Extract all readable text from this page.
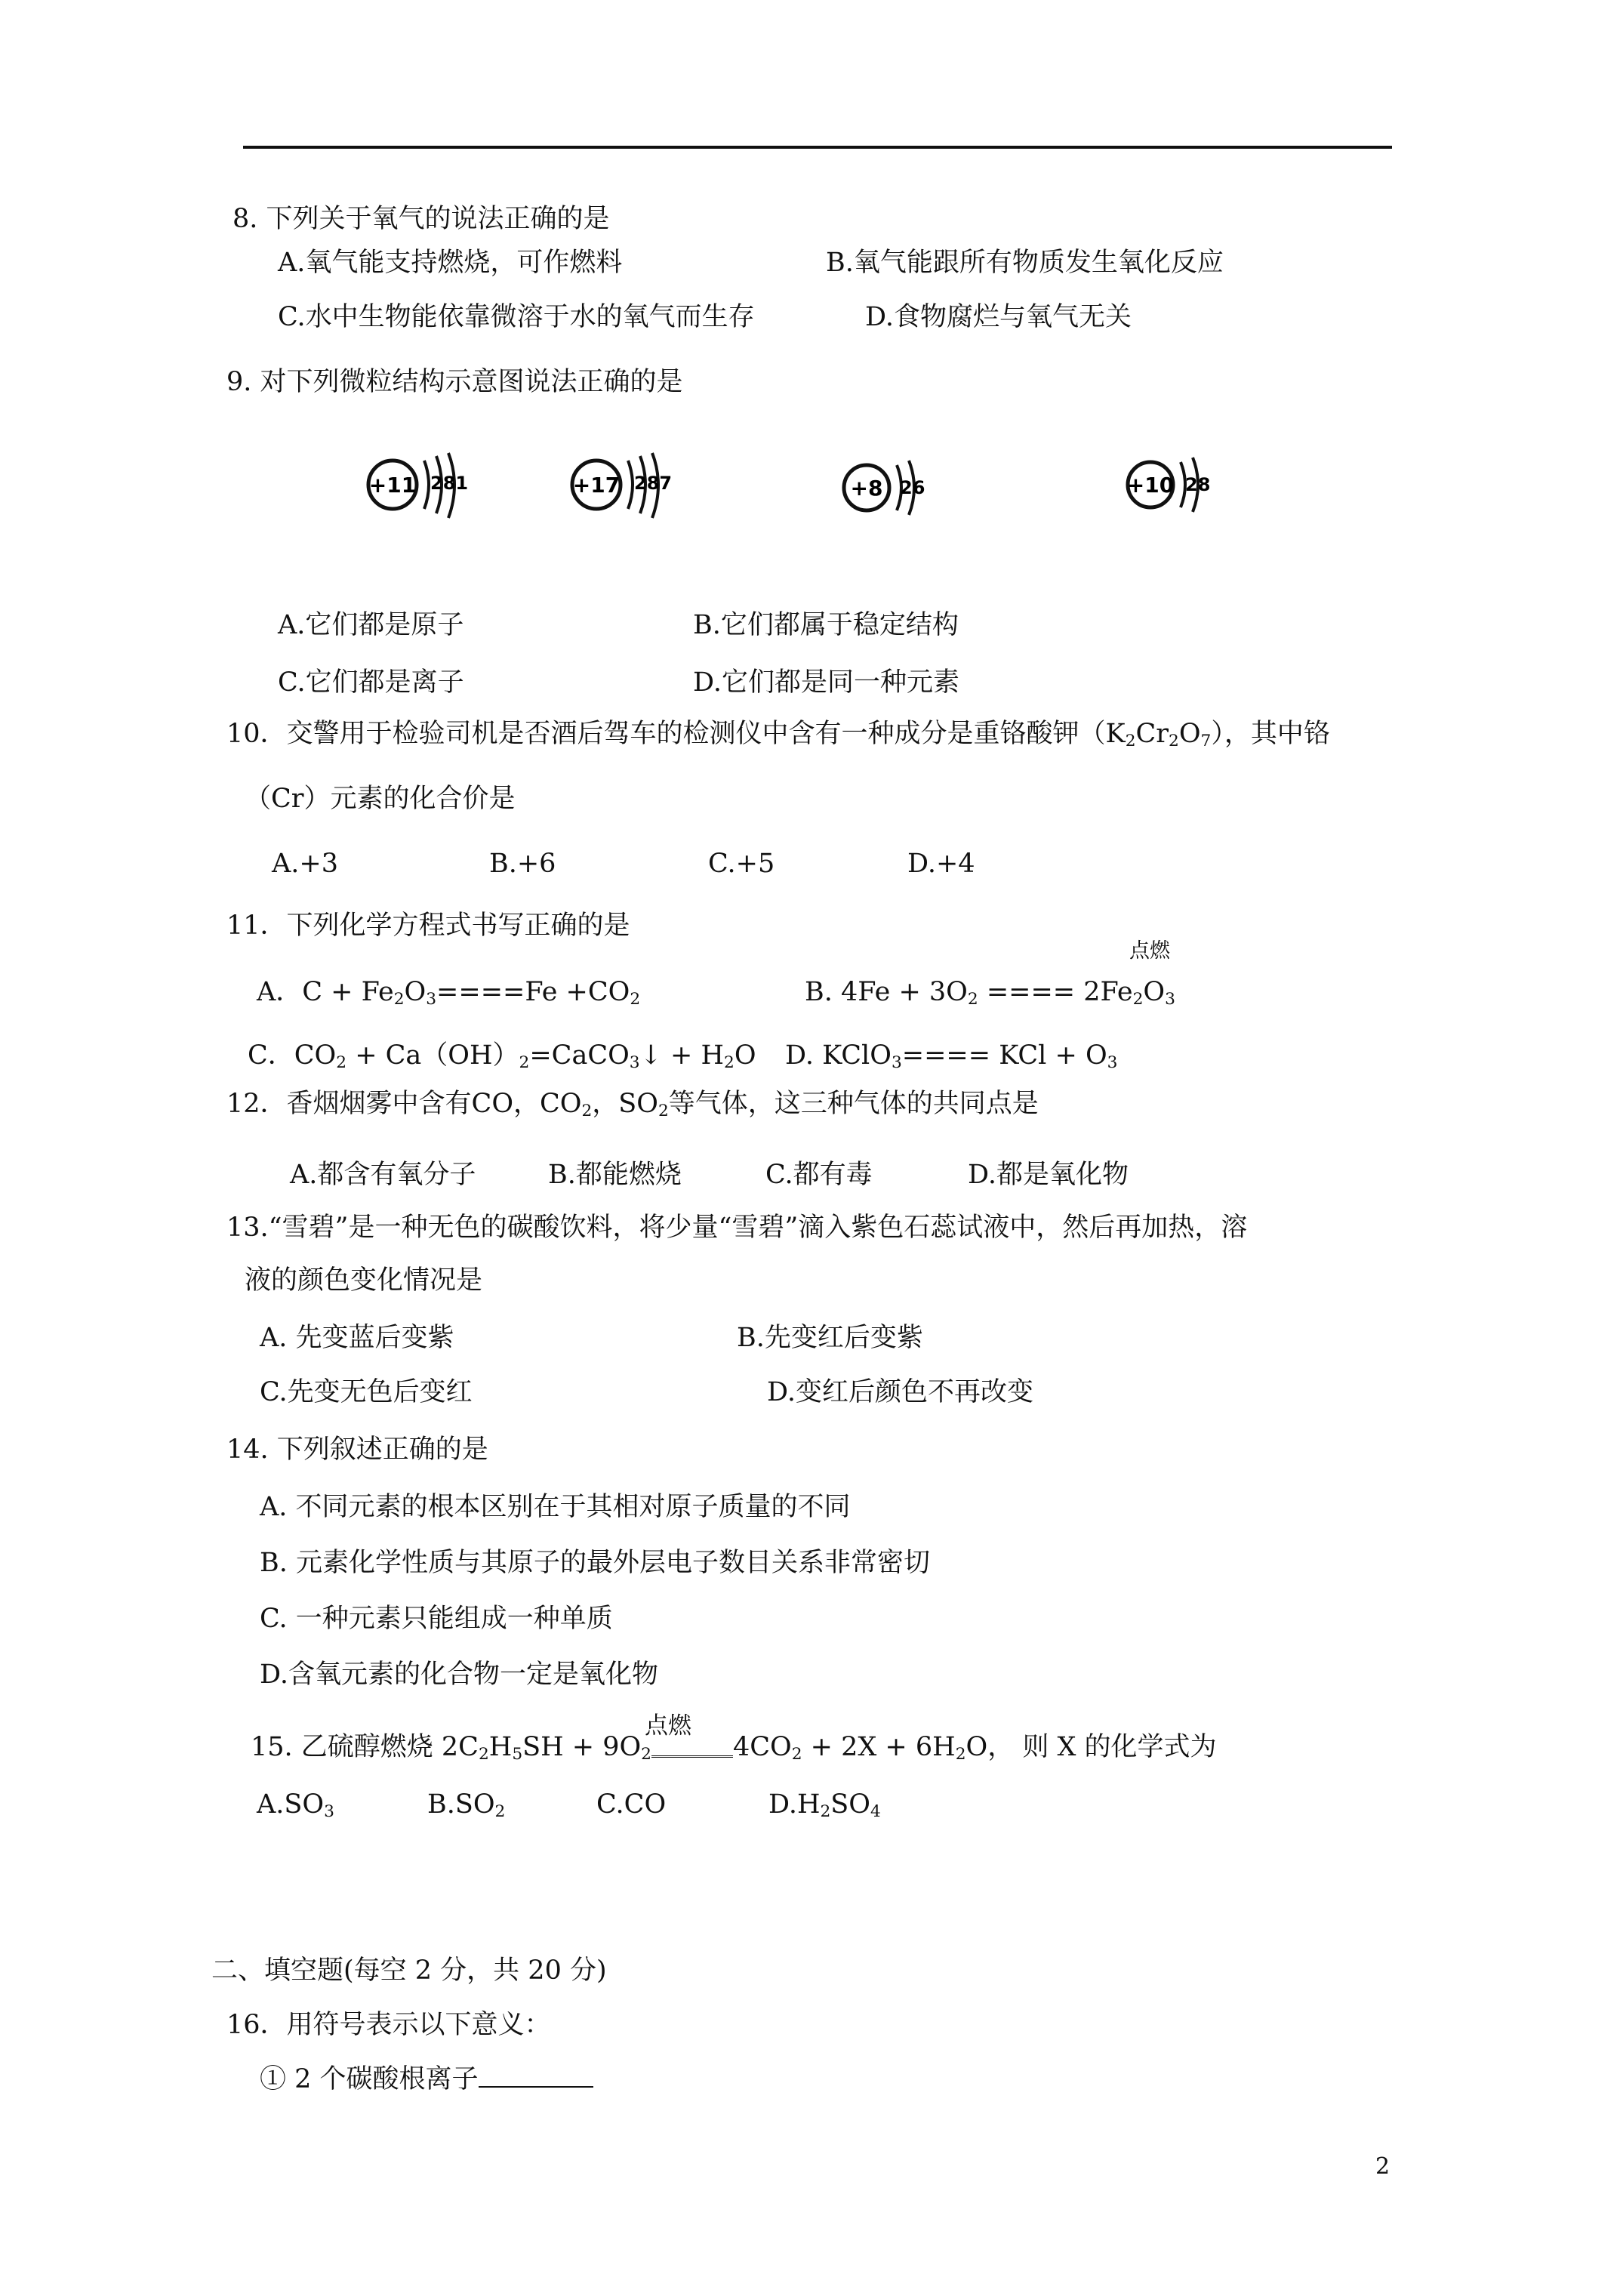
8. 下列关于氧气的说法正确的是
A.氧气能支持燃烧，可作燃料	B.氧气能跟所有物质发生氧化反应
C.水中生物能依靠微溶于水的氧气而生存	D.食物腐烂与氧气无关
9. 对下列微粒结构示意图说法正确的是
+11 281	+17 287	+8 26	+10 28
A.它们都是原子	B.它们都属于稳定结构
C.它们都是离子	D.它们都是同一种元素
10．交警用于检验司机是否酒后驾车的检测仪中含有一种成分是重铬酸钾$(K_2Cr_2O_7)$，其中铬
（Cr）元素的化合价是
A.+3	B.+6	C.+5	D.+4
11．下列化学方程式书写正确的是
点燃
A．$C + Fe_2O_3====Fe +CO_2$	B. $4Fe + 3O_2$ ==== $2Fe_2O_3$
C．$CO_2$ + $Ca(OH)_2=CaCO_3↓ + H_2O$ D. KClO$_3$==== KCl + $O_3$
12．香烟烟雾中含有CO，$CO_2$，$SO_2$等气体，这三种气体的共同点是
A.都含有氧分子	B.都能燃烧	C.都有毒	D.都是氧化物
13.“雪碧”是一种无色的碳酸饮料，将少量“雪碧”滴入紫色石蕊试液中，然后再加热，溶
液的颜色变化情况是
A. 先变蓝后变紫	B.先变红后变紫
C.先变无色后变红	D.变红后颜色不再改变
14. 下列叙述正确的是
A. 不同元素的根本区别在于其相对原子质量的不同
B. 元素化学性质与其原子的最外层电子数目关系非常密切
C. 一种元素只能组成一种单质
D.含氧元素的化合物一定是氧化物
15. 乙硫醇燃烧 $2C_2H_5SH + 9O_2$	$4CO_2 + 2X + 6H_2O$， 则 X 的化学式为
点燃
$A.SO_3$	$B.SO_2$	C.CO	$D.H_2SO_4$
二、填空题(每空 2 分，共 20 分)
16．用符号表示以下意义：
① 2 个碳酸根离子
2
